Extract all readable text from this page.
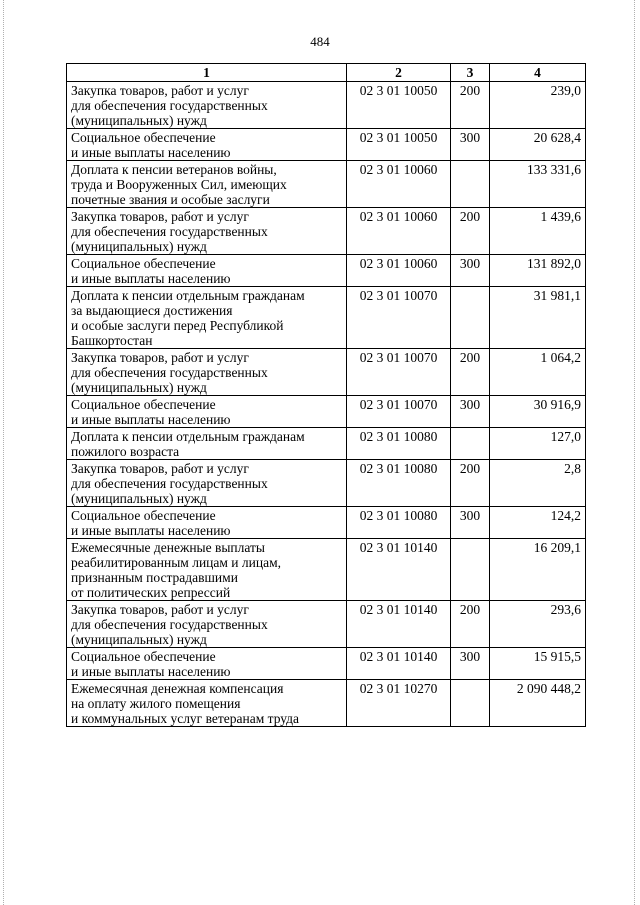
484
1	2	3	4
Закупка товаров, работ и услуг
для обеспечения государственных
(муниципальных) нужд	02 3 01 10050	200	239,0
Социальное обеспечение
и иные выплаты населению	02 3 01 10050	300	20 628,4
Доплата к пенсии ветеранов войны,
труда и Вооруженных Сил, имеющих
почетные звания и особые заслуги	02 3 01 10060		133 331,6
Закупка товаров, работ и услуг
для обеспечения государственных
(муниципальных) нужд	02 3 01 10060	200	1 439,6
Социальное обеспечение
и иные выплаты населению	02 3 01 10060	300	131 892,0
Доплата к пенсии отдельным гражданам
за выдающиеся достижения
и особые заслуги перед Республикой
Башкортостан	02 3 01 10070		31 981,1
Закупка товаров, работ и услуг
для обеспечения государственных
(муниципальных) нужд	02 3 01 10070	200	1 064,2
Социальное обеспечение
и иные выплаты населению	02 3 01 10070	300	30 916,9
Доплата к пенсии отдельным гражданам
пожилого возраста	02 3 01 10080		127,0
Закупка товаров, работ и услуг
для обеспечения государственных
(муниципальных) нужд	02 3 01 10080	200	2,8
Социальное обеспечение
и иные выплаты населению	02 3 01 10080	300	124,2
Ежемесячные денежные выплаты
реабилитированным лицам и лицам,
признанным пострадавшими
от политических репрессий	02 3 01 10140		16 209,1
Закупка товаров, работ и услуг
для обеспечения государственных
(муниципальных) нужд	02 3 01 10140	200	293,6
Социальное обеспечение
и иные выплаты населению	02 3 01 10140	300	15 915,5
Ежемесячная денежная компенсация
на оплату жилого помещения
и коммунальных услуг ветеранам труда	02 3 01 10270		2 090 448,2
